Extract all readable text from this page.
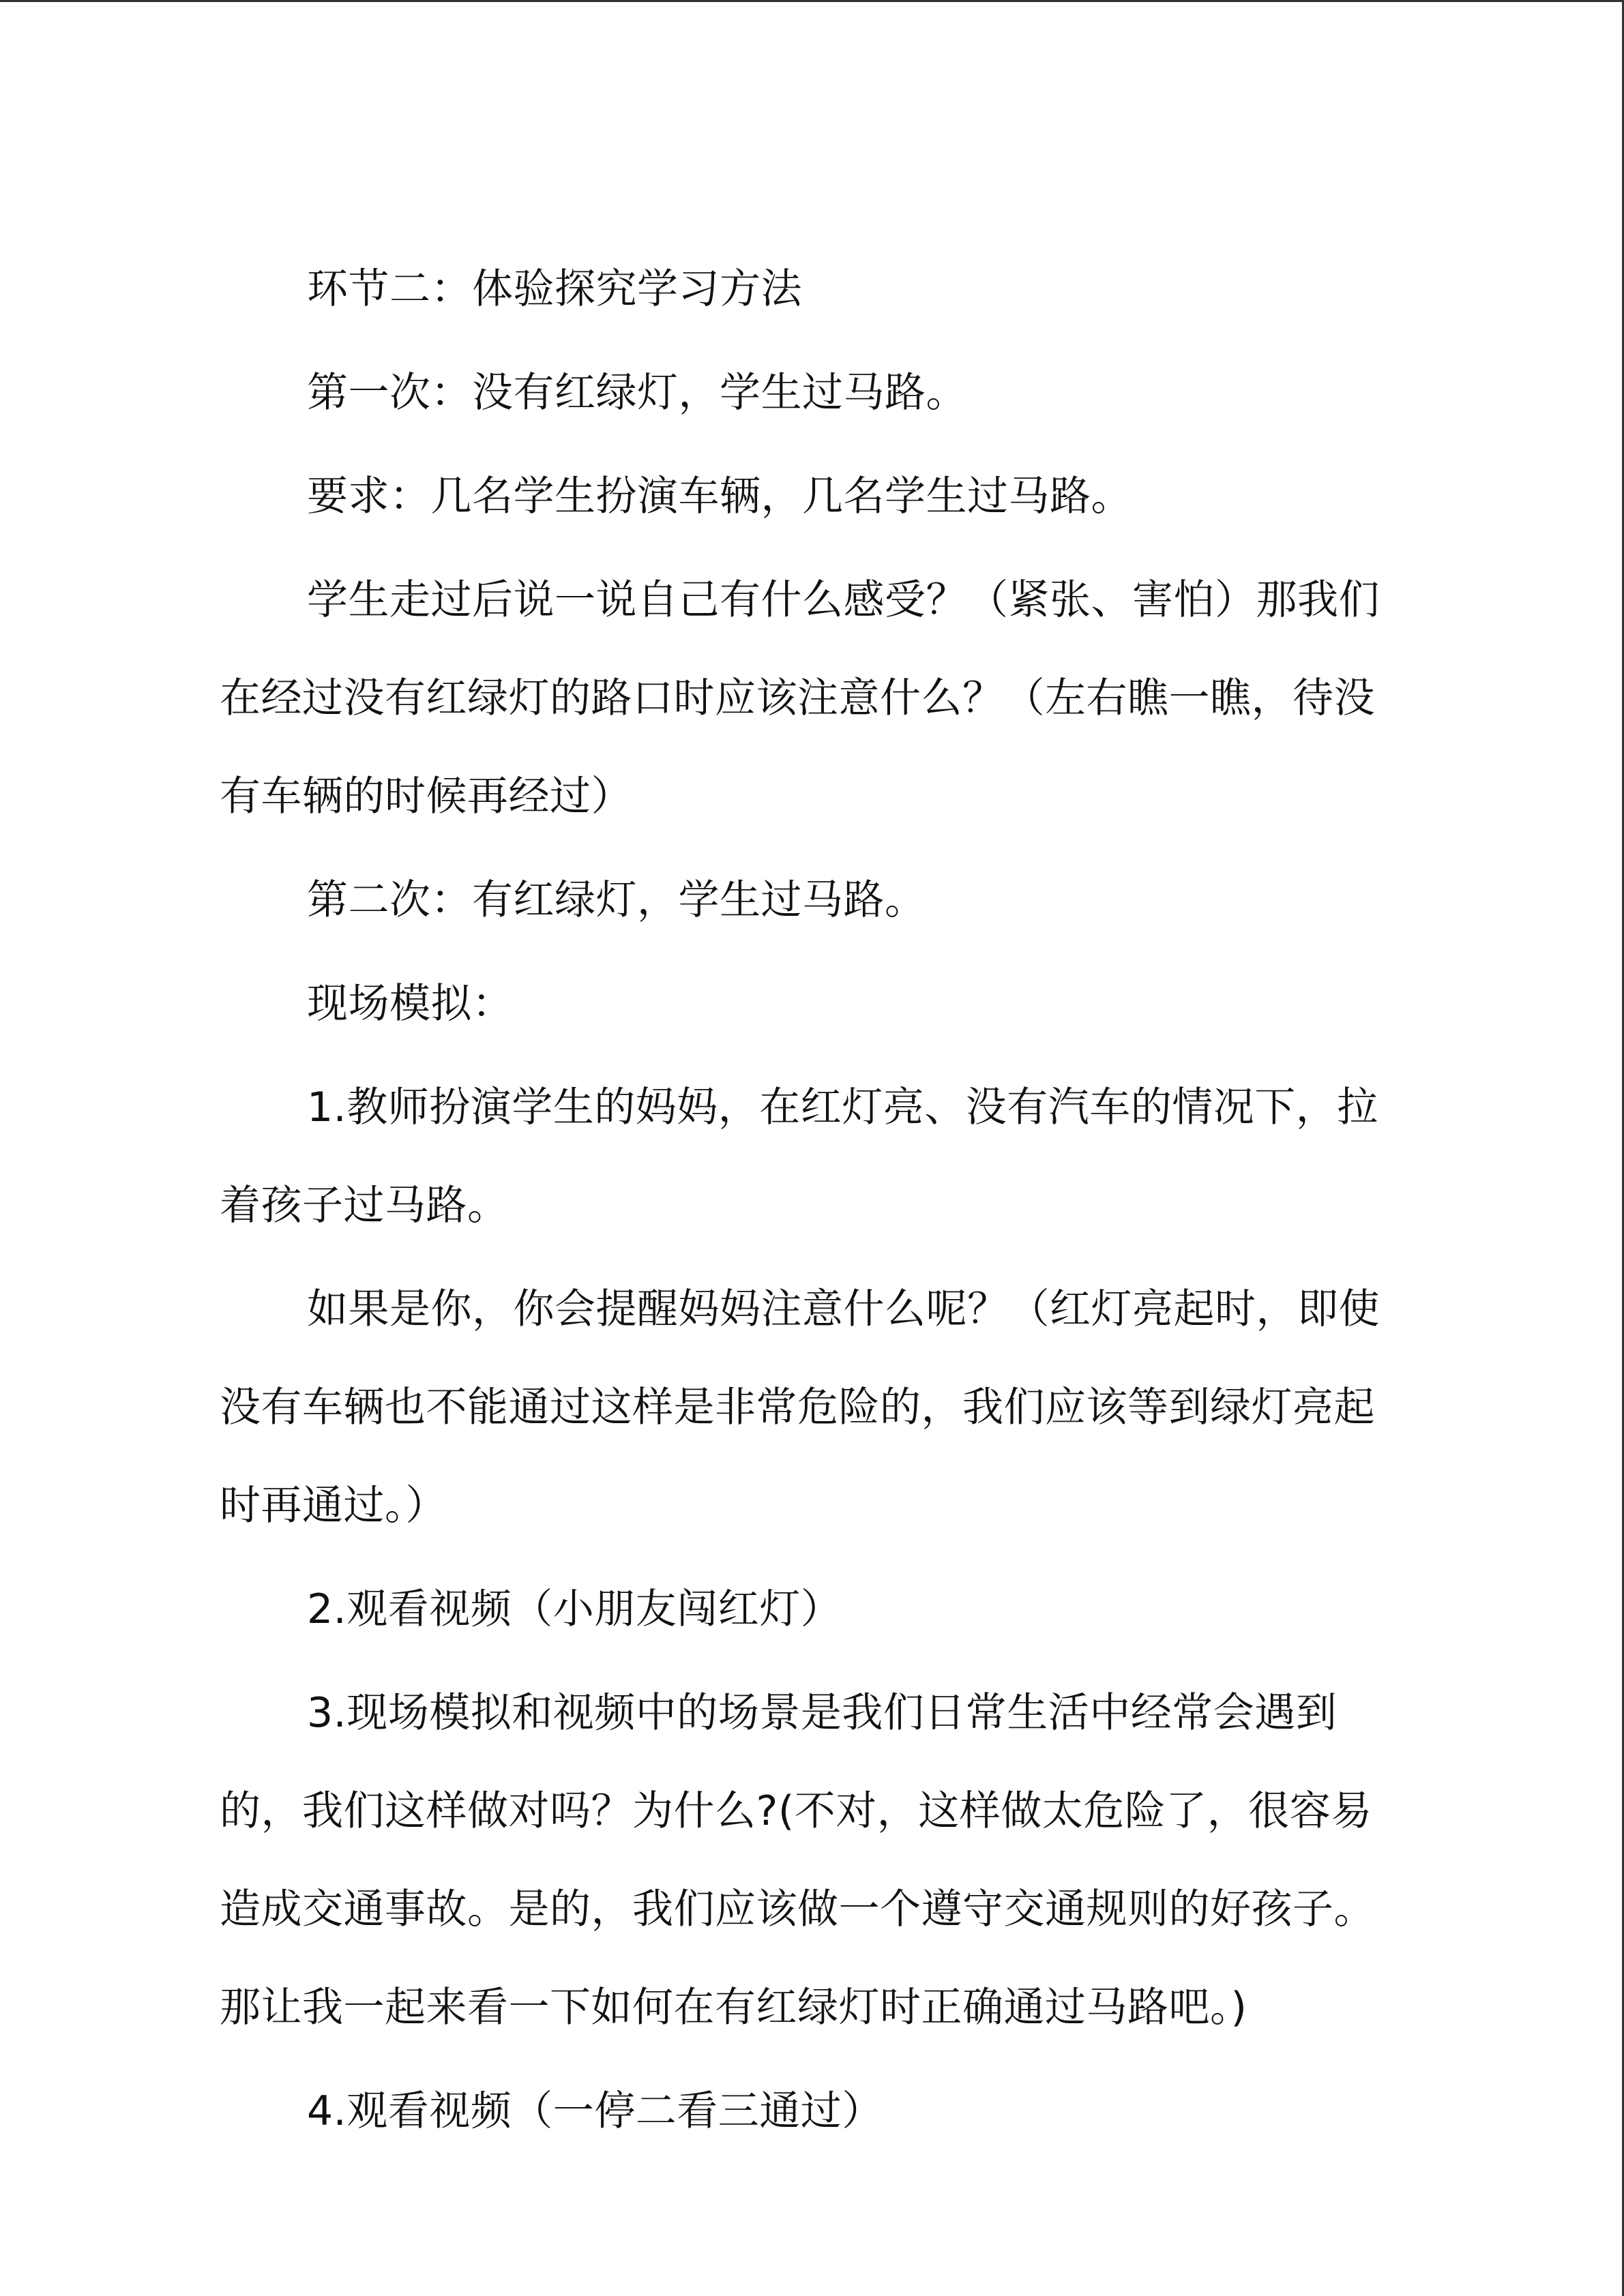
环节二：体验探究学习方法

第一次：没有红绿灯，学生过马路。

要求：几名学生扮演车辆，几名学生过马路。

学生走过后说一说自己有什么感受？（紧张、害怕）那我们在经过没有红绿灯的路口时应该注意什么？（左右瞧一瞧，待没有车辆的时候再经过）

第二次：有红绿灯，学生过马路。

现场模拟：

1.教师扮演学生的妈妈，在红灯亮、没有汽车的情况下，拉着孩子过马路。

如果是你，你会提醒妈妈注意什么呢？（红灯亮起时，即使没有车辆也不能通过这样是非常危险的，我们应该等到绿灯亮起时再通过。）

2.观看视频（小朋友闯红灯）

3.现场模拟和视频中的场景是我们日常生活中经常会遇到的，我们这样做对吗？为什么?(不对，这样做太危险了，很容易造成交通事故。是的，我们应该做一个遵守交通规则的好孩子。那让我一起来看一下如何在有红绿灯时正确通过马路吧。)

4.观看视频（一停二看三通过）
